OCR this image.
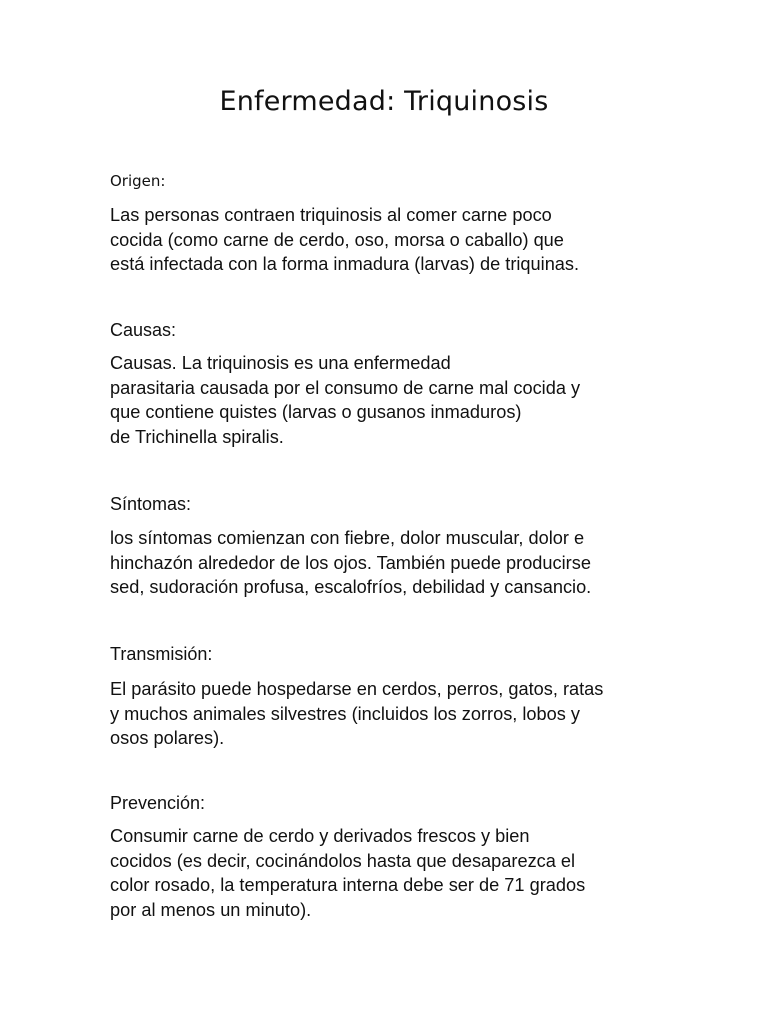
Enfermedad: Triquinosis
Origen:
Las personas contraen triquinosis al comer carne poco
cocida (como carne de cerdo, oso, morsa o caballo) que
está infectada con la forma inmadura (larvas) de triquinas.
Causas:
Causas. La triquinosis es una enfermedad
parasitaria causada por el consumo de carne mal cocida y
que contiene quistes (larvas o gusanos inmaduros)
de Trichinella spiralis.
Síntomas:
los síntomas comienzan con fiebre, dolor muscular, dolor e
hinchazón alrededor de los ojos. También puede producirse
sed, sudoración profusa, escalofríos, debilidad y cansancio.
Transmisión:
El parásito puede hospedarse en cerdos, perros, gatos, ratas
y muchos animales silvestres (incluidos los zorros, lobos y
osos polares).
Prevención:
Consumir carne de cerdo y derivados frescos y bien
cocidos (es decir, cocinándolos hasta que desaparezca el
color rosado, la temperatura interna debe ser de 71 grados
por al menos un minuto).
